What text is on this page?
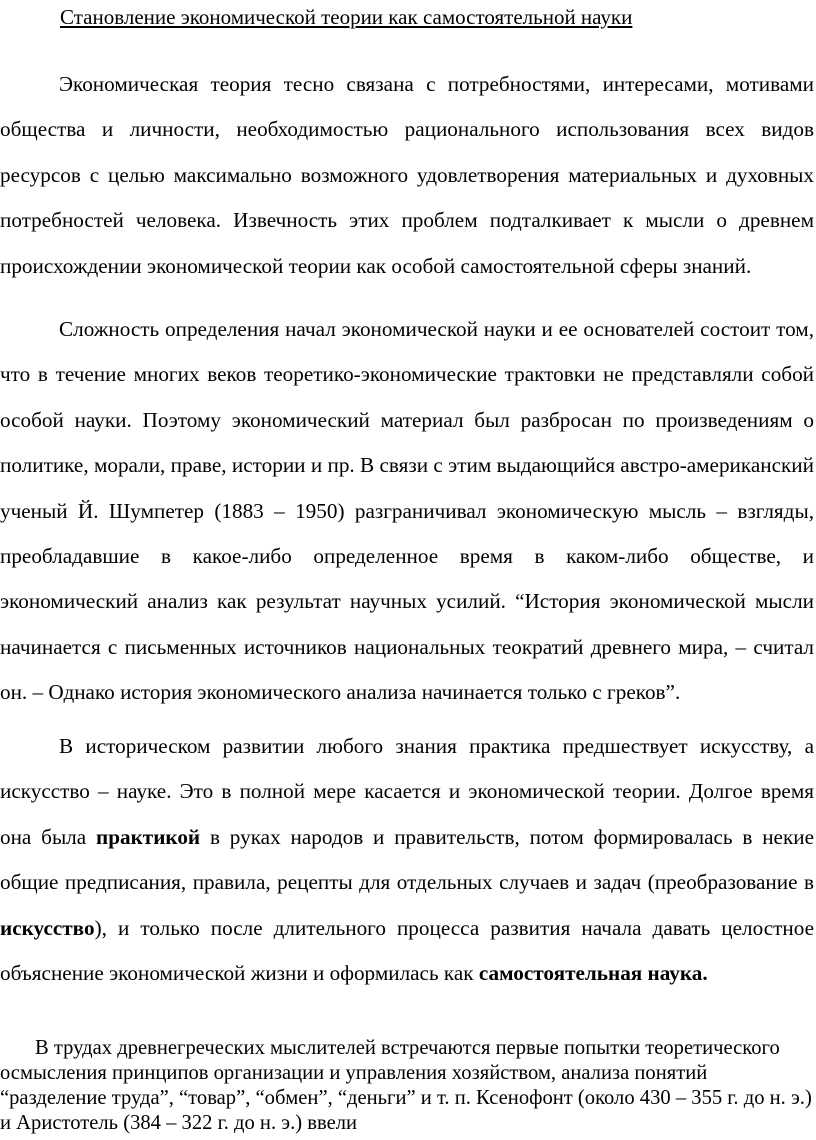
Становление экономической теории как самостоятельной науки

Экономическая теория тесно связана с потребностями, интересами, мотивами общества и личности, необходимостью рационального использования всех видов ресурсов с целью максимально возможного удовлетворения материальных и духовных потребностей человека. Извечность этих проблем подталкивает к мысли о древнем происхождении экономической теории как особой самостоятельной сферы знаний.

Сложность определения начал экономической науки и ее основателей состоит том, что в течение многих веков теоретико-экономические трактовки не представляли собой особой науки. Поэтому экономический материал был разбросан по произведениям о политике, морали, праве, истории и пр. В связи с этим выдающийся австро-американский ученый Й. Шумпетер (1883 – 1950) разграничивал экономическую мысль – взгляды, преобладавшие в какое-либо определенное время в каком-либо обществе, и экономический анализ как результат научных усилий. “История экономической мысли начинается с письменных источников национальных теократий древнего мира, – считал он. – Однако история экономического анализа начинается только с греков”.

В историческом развитии любого знания практика предшествует искусству, а искусство – науке. Это в полной мере касается и экономической теории. Долгое время она была практикой в руках народов и правительств, потом формировалась в некие общие предписания, правила, рецепты для отдельных случаев и задач (преобразование в искусство), и только после длительного процесса развития начала давать целостное объяснение экономической жизни и оформилась как самостоятельная наука.

В трудах древнегреческих мыслителей встречаются первые попытки теоретического осмысления принципов организации и управления хозяйством, анализа понятий “разделение труда”, “товар”, “обмен”, “деньги” и т. п. Ксенофонт (около 430 – 355 г. до н. э.) и Аристотель (384 – 322 г. до н. э.) ввели
